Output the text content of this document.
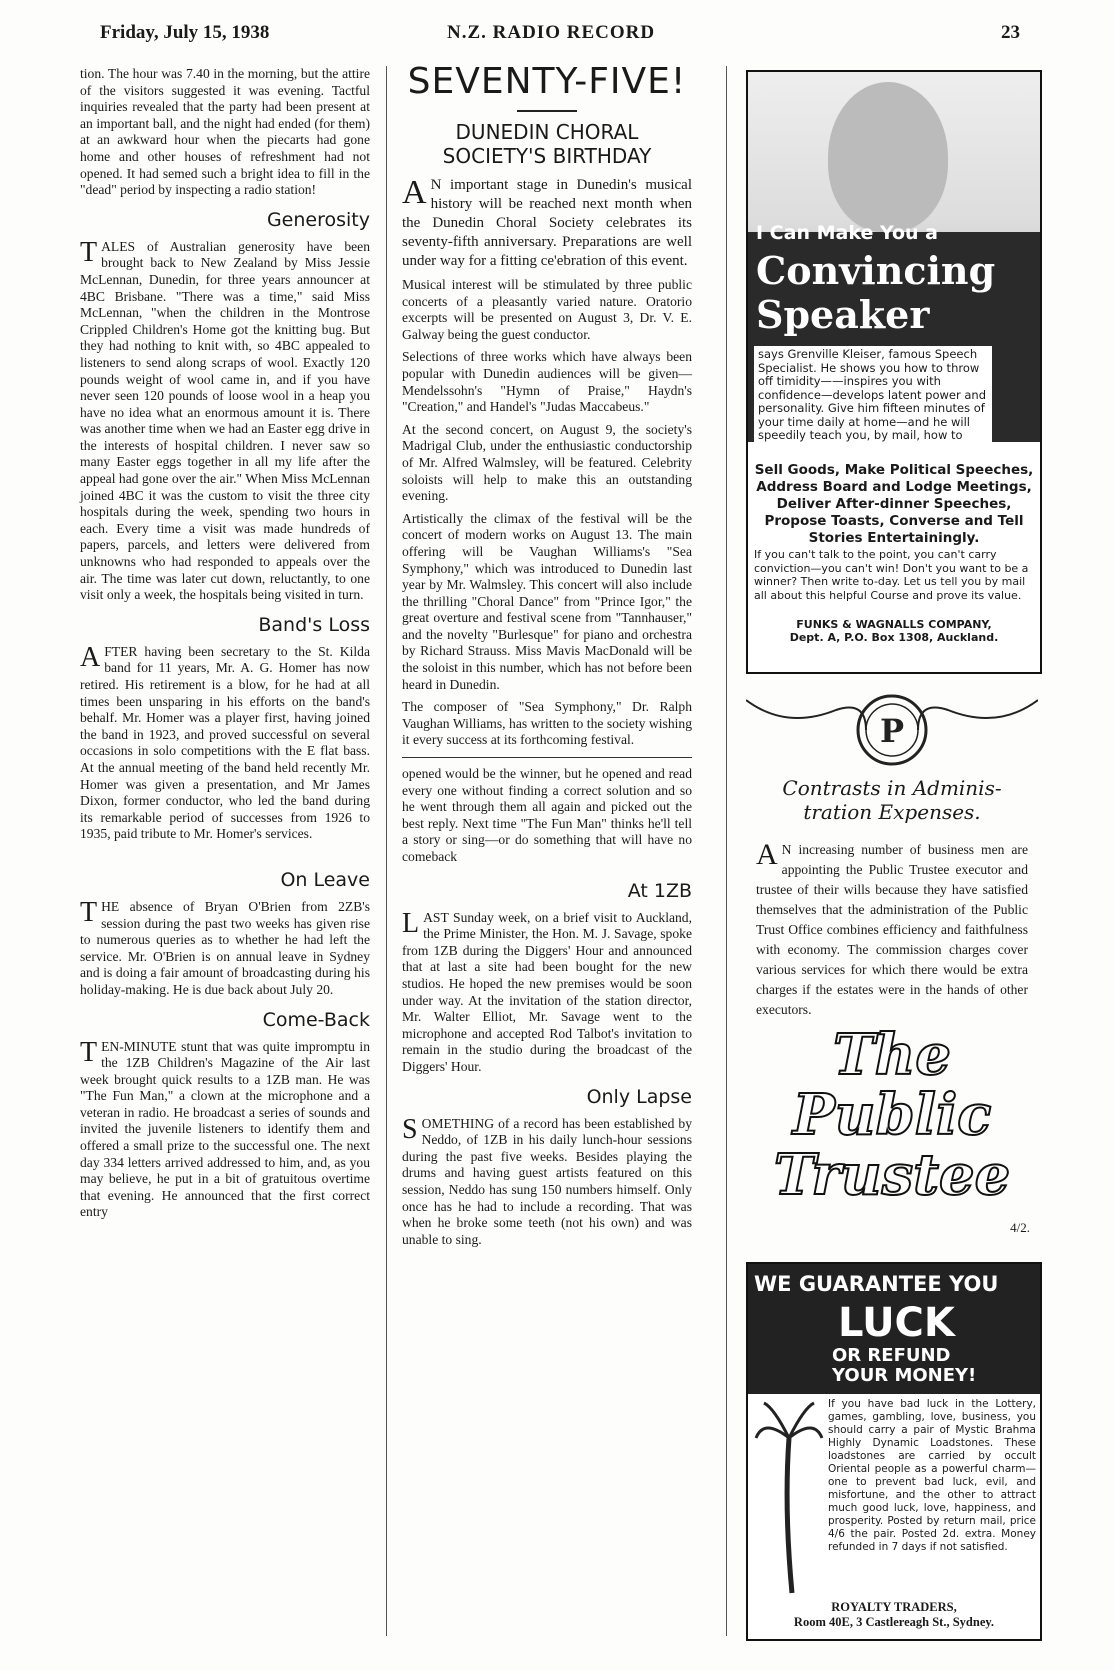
Friday, July 15, 1938	N.Z. RADIO RECORD	23

tion. The hour was 7.40 in the morning, but the attire of the visitors suggested it was evening. Tactful inquiries revealed that the party had been present at an important ball, and the night had ended (for them) at an awkward hour when the piecarts had gone home and other houses of refreshment had not opened. It had semed such a bright idea to fill in the "dead" period by inspecting a radio station!

Generosity

TALES of Australian generosity have been brought back to New Zealand by Miss Jessie McLennan, Dunedin, for three years announcer at 4BC Brisbane. "There was a time," said Miss McLennan, "when the children in the Montrose Crippled Children's Home got the knitting bug. But they had nothing to knit with, so 4BC appealed to listeners to send along scraps of wool. Exactly 120 pounds weight of wool came in, and if you have never seen 120 pounds of loose wool in a heap you have no idea what an enormous amount it is. There was another time when we had an Easter egg drive in the interests of hospital children. I never saw so many Easter eggs together in all my life after the appeal had gone over the air." When Miss McLennan joined 4BC it was the custom to visit the three city hospitals during the week, spending two hours in each. Every time a visit was made hundreds of papers, parcels, and letters were delivered from unknowns who had responded to appeals over the air. The time was later cut down, reluctantly, to one visit only a week, the hospitals being visited in turn.

Band's Loss

AFTER having been secretary to the St. Kilda band for 11 years, Mr. A. G. Homer has now retired. His retirement is a blow, for he had at all times been unsparing in his efforts on the band's behalf. Mr. Homer was a player first, having joined the band in 1923, and proved successful on several occasions in solo competitions with the E flat bass. At the annual meeting of the band held recently Mr. Homer was given a presentation, and Mr James Dixon, former conductor, who led the band during its remarkable period of successes from 1926 to 1935, paid tribute to Mr. Homer's services.

On Leave

THE absence of Bryan O'Brien from 2ZB's session during the past two weeks has given rise to numerous queries as to whether he had left the service. Mr. O'Brien is on annual leave in Sydney and is doing a fair amount of broadcasting during his holiday-making. He is due back about July 20.

Come-Back

TEN-MINUTE stunt that was quite impromptu in the 1ZB Children's Magazine of the Air last week brought quick results to a 1ZB man. He was "The Fun Man," a clown at the microphone and a veteran in radio. He broadcast a series of sounds and invited the juvenile listeners to identify them and offered a small prize to the successful one. The next day 334 letters arrived addressed to him, and, as you may believe, he put in a bit of gratuitous overtime that evening. He announced that the first correct entry

SEVENTY-FIVE!
DUNEDIN CHORAL SOCIETY'S BIRTHDAY

A N important stage in Dunedin's musical history will be reached next month when the Dunedin Choral Society celebrates its seventy-fifth anniversary. Preparations are well under way for a fitting ce'ebration of this event.

Musical interest will be stimulated by three public concerts of a pleasantly varied nature. Oratorio excerpts will be presented on August 3, Dr. V. E. Galway being the guest conductor.

Selections of three works which have always been popular with Dunedin audiences will be given—Mendelssohn's "Hymn of Praise," Haydn's "Creation," and Handel's "Judas Maccabeus."

At the second concert, on August 9, the society's Madrigal Club, under the enthusiastic conductorship of Mr. Alfred Walmsley, will be featured. Celebrity soloists will help to make this an outstanding evening.

Artistically the climax of the festival will be the concert of modern works on August 13. The main offering will be Vaughan Williams's "Sea Symphony," which was introduced to Dunedin last year by Mr. Walmsley. This concert will also include the thrilling "Choral Dance" from "Prince Igor," the great overture and festival scene from "Tannhauser," and the novelty "Burlesque" for piano and orchestra by Richard Strauss. Miss Mavis MacDonald will be the soloist in this number, which has not before been heard in Dunedin.

The composer of "Sea Symphony," Dr. Ralph Vaughan Williams, has written to the society wishing it every success at its forthcoming festival.

opened would be the winner, but he opened and read every one without finding a correct solution and so he went through them all again and picked out the best reply. Next time "The Fun Man" thinks he'll tell a story or sing—or do something that will have no comeback

At 1ZB

LAST Sunday week, on a brief visit to Auckland, the Prime Minister, the Hon. M. J. Savage, spoke from 1ZB during the Diggers' Hour and announced that at last a site had been bought for the new studios. He hoped the new premises would be soon under way. At the invitation of the station director, Mr. Walter Elliot, Mr. Savage went to the microphone and accepted Rod Talbot's invitation to remain in the studio during the broadcast of the Diggers' Hour.

Only Lapse

SOMETHING of a record has been established by Neddo, of 1ZB in his daily lunch-hour sessions during the past five weeks. Besides playing the drums and having guest artists featured on this session, Neddo has sung 150 numbers himself. Only once has he had to include a recording. That was when he broke some teeth (not his own) and was unable to sing.

I Can Make You a
Convincing
Speaker
says Grenville Kleiser, famous Speech Specialist. He shows you how to throw off timidity——inspires you with confidence—develops latent power and personality. Give him fifteen minutes of your time daily at home—and he will speedily teach you, by mail, how to
Sell Goods, Make Political Speeches, Address Board and Lodge Meetings, Deliver After-dinner Speeches, Propose Toasts, Converse and Tell Stories Entertainingly.
If you can't talk to the point, you can't carry conviction—you can't win! Don't you want to be a winner? Then write to-day. Let us tell you by mail all about this helpful Course and prove its value.
FUNKS & WAGNALLS COMPANY,
Dept. A, P.O. Box 1308, Auckland.
P
Contrasts in Adminis-
tration Expenses.
A N increasing number of business men are appointing the Public Trustee executor and trustee of their wills because they have satisfied themselves that the administration of the Public Trust Office combines efficiency and faithfulness with economy. The commission charges cover various services for which there would be extra charges if the estates were in the hands of other executors.
The Public
Trustee
4/2.
WE GUARANTEE YOU
LUCK
OR REFUND
YOUR MONEY!
If you have bad luck in the Lottery, games, gambling, love, business, you should carry a pair of Mystic Brahma Highly Dynamic Loadstones. These loadstones are carried by occult Oriental people as a powerful charm—one to prevent bad luck, evil, and misfortune, and the other to attract much good luck, love, happiness, and prosperity. Posted by return mail, price 4/6 the pair. Posted 2d. extra. Money refunded in 7 days if not satisfied.
ROYALTY TRADERS,
Room 40E, 3 Castlereagh St., Sydney.
